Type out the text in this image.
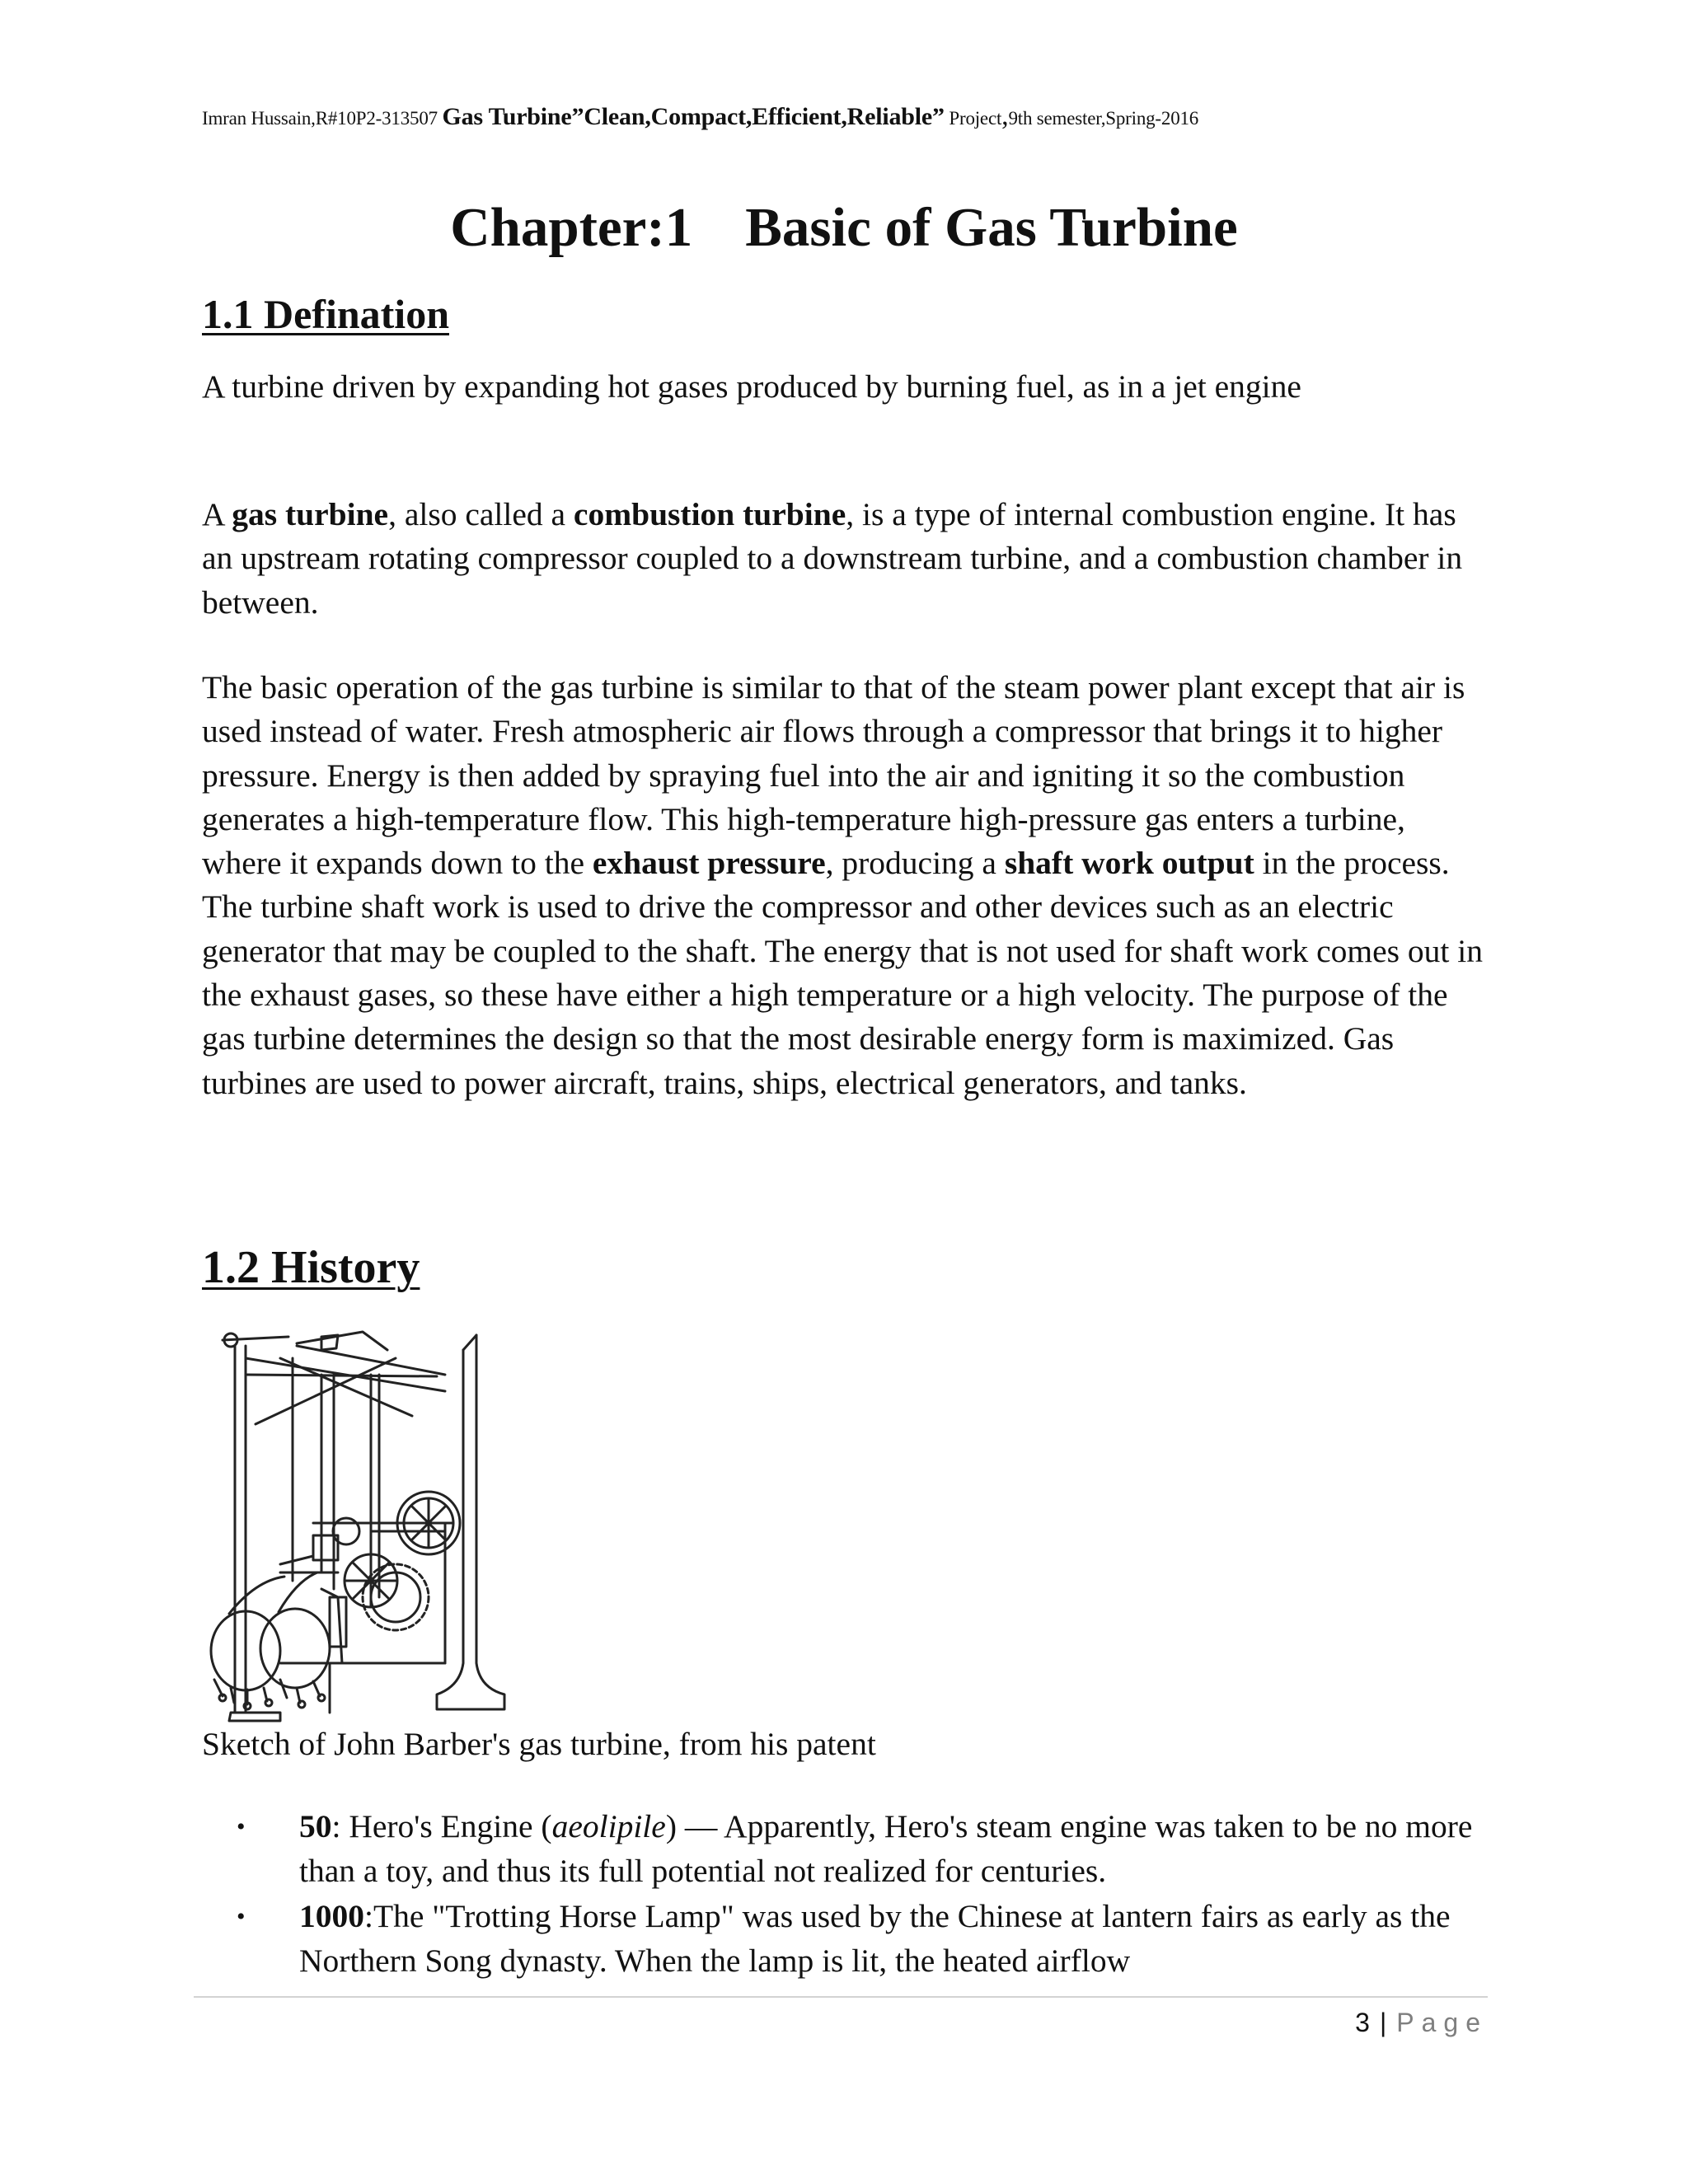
Imran Hussain,R#10P2-313507 Gas Turbine”Clean,Compact,Efficient,Reliable” Project,9th semester,Spring-2016
Chapter:1 Basic of Gas Turbine
1.1 Defination

A turbine driven by expanding hot gases produced by burning fuel, as in a jet engine

A gas turbine, also called a combustion turbine, is a type of internal combustion engine. It has an upstream rotating compressor coupled to a downstream turbine, and a combustion chamber in between.

The basic operation of the gas turbine is similar to that of the steam power plant except that air is used instead of water. Fresh atmospheric air flows through a compressor that brings it to higher pressure. Energy is then added by spraying fuel into the air and igniting it so the combustion generates a high-temperature flow. This high-temperature high-pressure gas enters a turbine, where it expands down to the exhaust pressure, producing a shaft work output in the process. The turbine shaft work is used to drive the compressor and other devices such as an electric generator that may be coupled to the shaft. The energy that is not used for shaft work comes out in the exhaust gases, so these have either a high temperature or a high velocity. The purpose of the gas turbine determines the design so that the most desirable energy form is maximized. Gas turbines are used to power aircraft, trains, ships, electrical generators, and tanks.

1.2 History

Sketch of John Barber's gas turbine, from his patent

• 50: Hero's Engine (aeolipile) — Apparently, Hero's steam engine was taken to be no more than a toy, and thus its full potential not realized for centuries.
• 1000:The "Trotting Horse Lamp" was used by the Chinese at lantern fairs as early as the Northern Song dynasty. When the lamp is lit, the heated airflow
3 | Page
